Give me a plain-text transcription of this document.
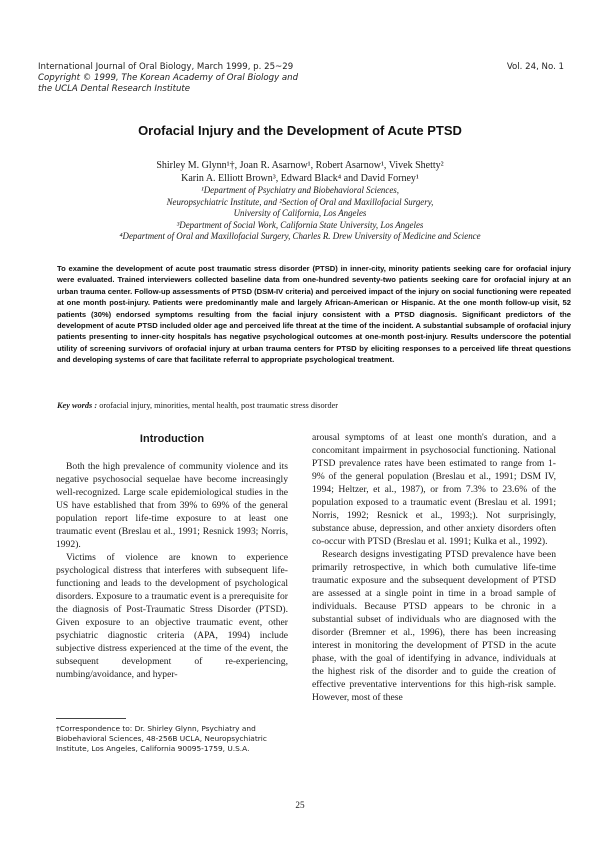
International Journal of Oral Biology, March 1999, p. 25~29
Copyright © 1999, The Korean Academy of Oral Biology and
the UCLA Dental Research Institute
Vol. 24, No. 1
Orofacial Injury and the Development of Acute PTSD
Shirley M. Glynn¹†, Joan R. Asarnow¹, Robert Asarnow¹, Vivek Shetty²
Karin A. Elliott Brown³, Edward Black⁴ and David Forney¹
¹Department of Psychiatry and Biobehavioral Sciences,
Neuropsychiatric Institute, and ²Section of Oral and Maxillofacial Surgery,
University of California, Los Angeles
³Department of Social Work, California State University, Los Angeles
⁴Department of Oral and Maxillofacial Surgery, Charles R. Drew University of Medicine and Science
To examine the development of acute post traumatic stress disorder (PTSD) in inner-city, minority patients seeking care for orofacial injury were evaluated. Trained interviewers collected baseline data from one-hundred seventy-two patients seeking care for orofacial injury at an urban trauma center. Follow-up assessments of PTSD (DSM-IV criteria) and perceived impact of the injury on social functioning were repeated at one month post-injury. Patients were predominantly male and largely African-American or Hispanic. At the one month follow-up visit, 52 patients (30%) endorsed symptoms resulting from the facial injury consistent with a PTSD diagnosis. Significant predictors of the development of acute PTSD included older age and perceived life threat at the time of the incident. A substantial subsample of orofacial injury patients presenting to inner-city hospitals has negative psychological outcomes at one-month post-injury. Results underscore the potential utility of screening survivors of orofacial injury at urban trauma centers for PTSD by eliciting responses to a perceived life threat questions and developing systems of care that facilitate referral to appropriate psychological treatment.
Key words : orofacial injury, minorities, mental health, post traumatic stress disorder
Introduction

Both the high prevalence of community violence and its negative psychosocial sequelae have become increasingly well-recognized. Large scale epidemiological studies in the US have established that from 39% to 69% of the general population report life-time exposure to at least one traumatic event (Breslau et al., 1991; Resnick 1993; Norris, 1992).

Victims of violence are known to experience psychological distress that interferes with subsequent life-functioning and leads to the development of psychological disorders. Exposure to a traumatic event is a prerequisite for the diagnosis of Post-Traumatic Stress Disorder (PTSD). Given exposure to an objective traumatic event, other psychiatric diagnostic criteria (APA, 1994) include subjective distress experienced at the time of the event, the subsequent development of re-experiencing, numbing/avoidance, and hyper-

arousal symptoms of at least one month's duration, and a concomitant impairment in psychosocial functioning. National PTSD prevalence rates have been estimated to range from 1-9% of the general population (Breslau et al., 1991; DSM IV, 1994; Heltzer, et al., 1987), or from 7.3% to 23.6% of the population exposed to a traumatic event (Breslau et al. 1991; Norris, 1992; Resnick et al., 1993;). Not surprisingly, substance abuse, depression, and other anxiety disorders often co-occur with PTSD (Breslau et al. 1991; Kulka et al., 1992).

Research designs investigating PTSD prevalence have been primarily retrospective, in which both cumulative life-time traumatic exposure and the subsequent development of PTSD are assessed at a single point in time in a broad sample of individuals. Because PTSD appears to be chronic in a substantial subset of individuals who are diagnosed with the disorder (Bremner et al., 1996), there has been increasing interest in monitoring the development of PTSD in the acute phase, with the goal of identifying in advance, individuals at the highest risk of the disorder and to guide the creation of effective preventative interventions for this high-risk sample. However, most of these

†Correspondence to: Dr. Shirley Glynn, Psychiatry and Biobehavioral Sciences, 48-256B UCLA, Neuropsychiatric Institute, Los Angeles, California 90095-1759, U.S.A.
25
